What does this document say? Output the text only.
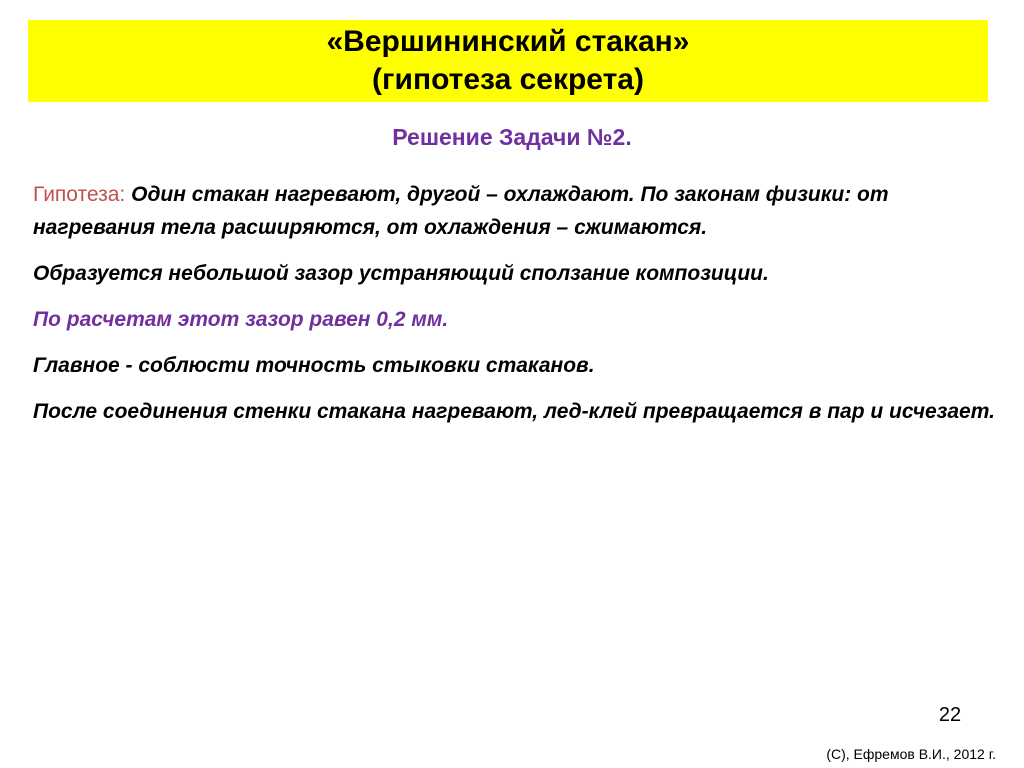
«Вершининский стакан»
(гипотеза секрета)
Решение Задачи №2.

Гипотеза: Один стакан нагревают, другой – охлаждают. По законам физики: от нагревания тела расширяются, от охлаждения – сжимаются.

Образуется небольшой зазор устраняющий сползание композиции.

По расчетам этот зазор равен 0,2 мм.

Главное - соблюсти точность стыковки стаканов.

После соединения стенки стакана нагревают, лед-клей превращается в пар и исчезает.

22
(С), Ефремов В.И., 2012 г.
